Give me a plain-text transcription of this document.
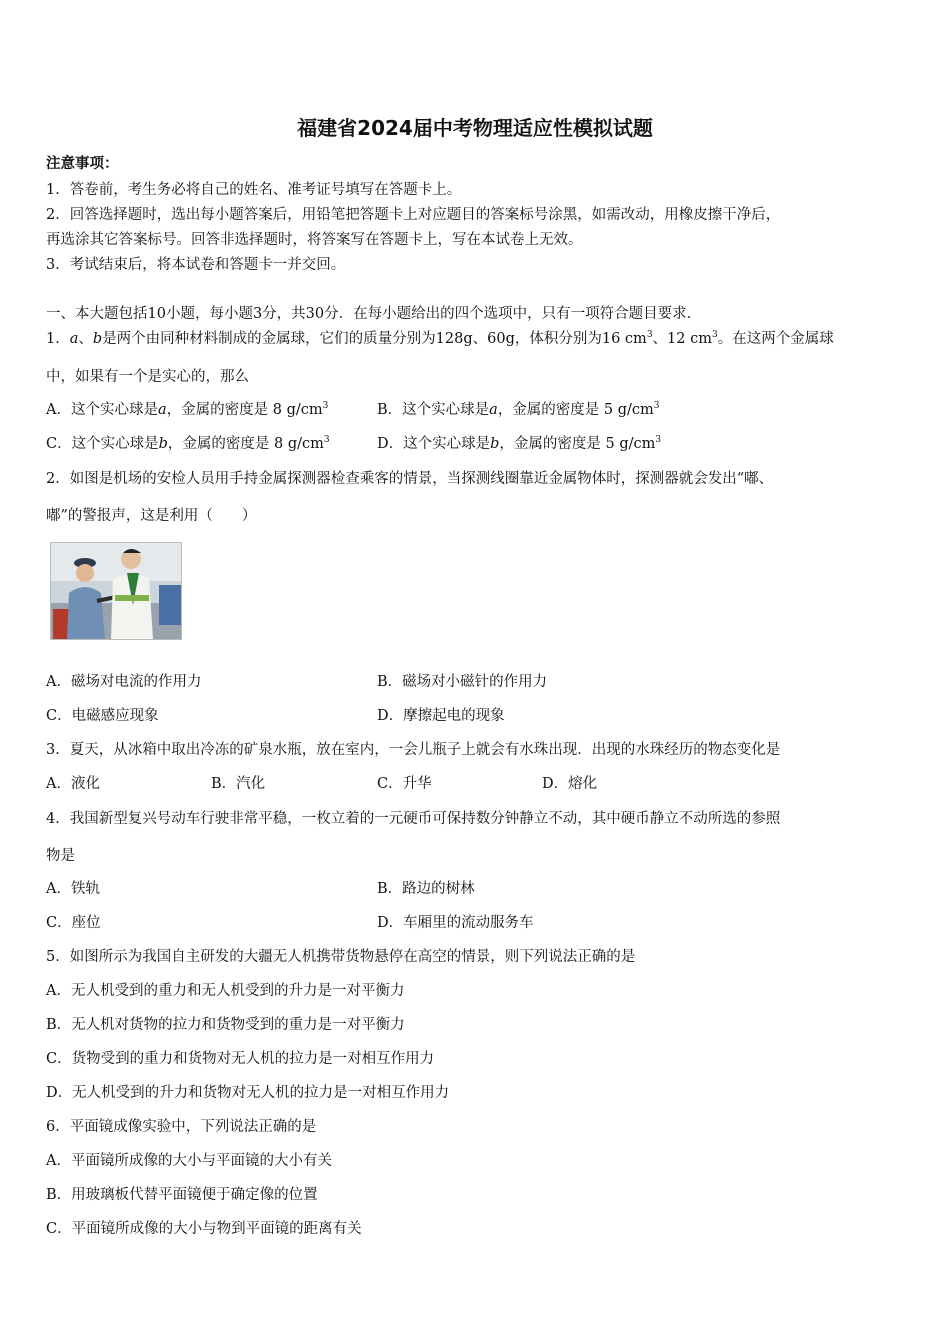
福建省2024届中考物理适应性模拟试题
注意事项：
1．答卷前，考生务必将自己的姓名、准考证号填写在答题卡上。
2．回答选择题时，选出每小题答案后，用铅笔把答题卡上对应题目的答案标号涂黑，如需改动，用橡皮擦干净后，
再选涂其它答案标号。回答非选择题时，将答案写在答题卡上，写在本试卷上无效。
3．考试结束后，将本试卷和答题卡一并交回。
一、本大题包括10小题，每小题3分，共30分．在每小题给出的四个选项中，只有一项符合题目要求．
1．a、b是两个由同种材料制成的金属球，它们的质量分别为128g、60g，体积分别为16 $cm^3$、12 $cm^3$。在这两个金属球
中，如果有一个是实心的，那么
A．这个实心球是a，金属的密度是 8 $g/cm^3$	B．这个实心球是a，金属的密度是 5 $g/cm^3$
C．这个实心球是b，金属的密度是 8 $g/cm^3$	D．这个实心球是b，金属的密度是 5 $g/cm^3$
2．如图是机场的安检人员用手持金属探测器检查乘客的情景，当探测线圈靠近金属物体时，探测器就会发出“嘟、
嘟”的警报声，这是利用（　　）
A．磁场对电流的作用力	B．磁场对小磁针的作用力
C．电磁感应现象	D．摩擦起电的现象
3．夏天，从冰箱中取出冷冻的矿泉水瓶，放在室内，一会儿瓶子上就会有水珠出现．出现的水珠经历的物态变化是
A．液化	B．汽化	C．升华	D．熔化
4．我国新型复兴号动车行驶非常平稳，一枚立着的一元硬币可保持数分钟静立不动，其中硬币静立不动所选的参照
物是
A．铁轨	B．路边的树林
C．座位	D．车厢里的流动服务车
5．如图所示为我国自主研发的大疆无人机携带货物悬停在高空的情景，则下列说法正确的是
A．无人机受到的重力和无人机受到的升力是一对平衡力
B．无人机对货物的拉力和货物受到的重力是一对平衡力
C．货物受到的重力和货物对无人机的拉力是一对相互作用力
D．无人机受到的升力和货物对无人机的拉力是一对相互作用力
6．平面镜成像实验中，下列说法正确的是
A．平面镜所成像的大小与平面镜的大小有关
B．用玻璃板代替平面镜便于确定像的位置
C．平面镜所成像的大小与物到平面镜的距离有关
